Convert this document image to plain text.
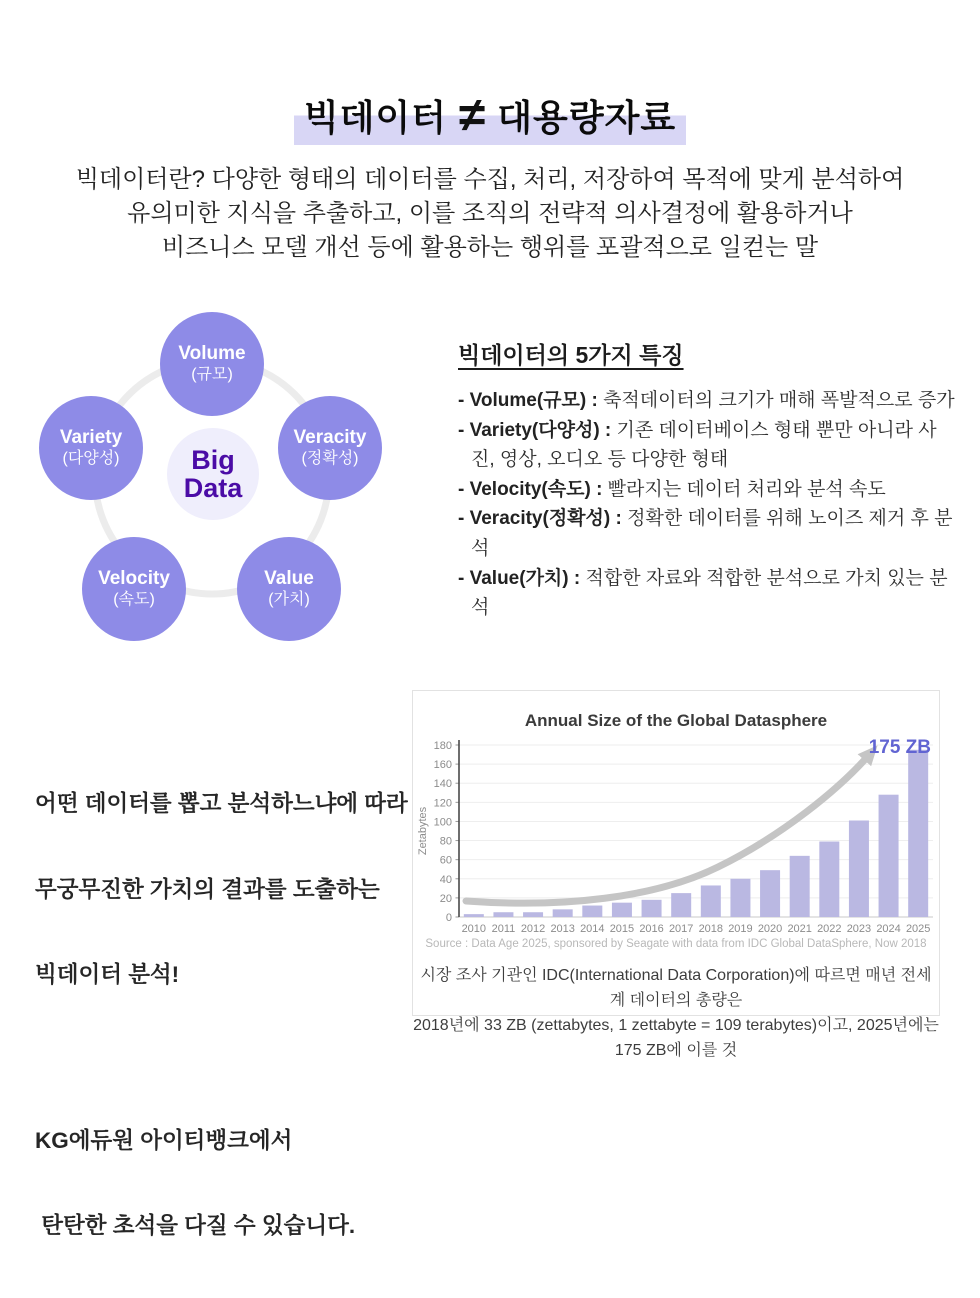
빅데이터 ≠ 대용량자료
빅데이터란? 다양한 형태의 데이터를 수집, 처리, 저장하여 목적에 맞게 분석하여
유의미한 지식을 추출하고, 이를 조직의 전략적 의사결정에 활용하거나
비즈니스 모델 개선 등에 활용하는 행위를 포괄적으로 일컫는 말
Volume
(규모)
Variety
(다양성)
Veracity
(정확성)
Velocity
(속도)
Value
(가치)
Big
Data
빅데이터의 5가지 특징
- Volume(규모) : 축적데이터의 크기가 매해 폭발적으로 증가
- Variety(다양성) : 기존 데이터베이스 형태 뿐만 아니라 사진, 영상, 오디오 등 다양한 형태
- Velocity(속도) : 빨라지는 데이터 처리와 분석 속도
- Veracity(정확성) : 정확한 데이터를 위해 노이즈 제거 후 분석
- Value(가치) : 적합한 자료와 적합한 분석으로 가치 있는 분석

어떤 데이터를 뽑고 분석하느냐에 따라

무궁무진한 가치의 결과를 도출하는

빅데이터 분석!

KG에듀원 아이티뱅크에서

탄탄한 초석을 다질 수 있습니다.

Annual Size of the Global Datasphere
0
20
40
60
80
100
120
140
160
180
2010 2011 2012 2013 2014 2015 2016 2017 2018 2019 2020 2021 2022 2023 2024 2025
Zetabytes
175 ZB
Source : Data Age 2025, sponsored by Seagate with data from IDC Global DataSphere, Now 2018
시장 조사 기관인 IDC(International Data Corporation)에 따르면 매년 전세계 데이터의 총량은
2018년에 33 ZB (zettabytes, 1 zettabyte = 109 terabytes)이고, 2025년에는 175 ZB에 이를 것
